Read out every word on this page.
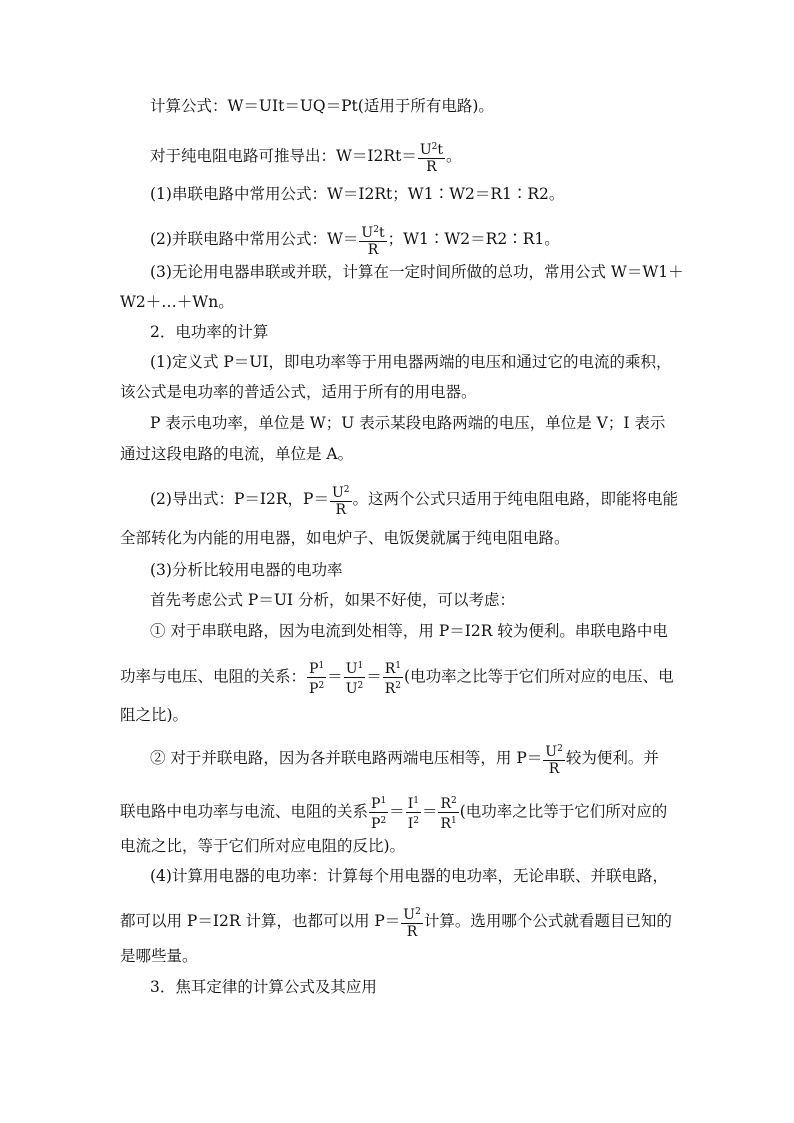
计算公式：W＝UIt＝UQ＝Pt(适用于所有电路)。
对于纯电阻电路可推导出：$W=I2Rt= \frac{U^2t}{R}$ 。
(1)串联电路中常用公式：W＝I2Rt；W1∶W2＝R1∶R2。
(2)并联电路中常用公式：$W= \frac{U^2t}{R}$ ；W1∶W2＝R2∶R1。
(3)无论用电器串联或并联，计算在一定时间所做的总功，常用公式 W＝W1＋
W2＋…＋Wn。
2．电功率的计算
(1)定义式 P＝UI，即电功率等于用电器两端的电压和通过它的电流的乘积，
该公式是电功率的普适公式，适用于所有的用电器。
P 表示电功率，单位是 W；U 表示某段电路两端的电压，单位是 V；I 表示
通过这段电路的电流，单位是 A。
(2)导出式：P＝I2R，$P= \frac{U^2}{R}$ 。这两个公式只适用于纯电阻电路，即能将电能
全部转化为内能的用电器，如电炉子、电饭煲就属于纯电阻电路。
(3)分析比较用电器的电功率
首先考虑公式 P＝UI 分析，如果不好使，可以考虑：
① 对于串联电路，因为电流到处相等，用 P＝I2R 较为便利。串联电路中电
功率与电压、电阻的关系： $\frac{P^1}{P^2} = \frac{U^1}{U^2} = \frac{R^1}{R^2}$ (电功率之比等于它们所对应的电压、电
阻之比)。
② 对于并联电路，因为各并联电路两端电压相等，用 $P= \frac{U^2}{R}$ 较为便利。并
联电路中电功率与电流、电阻的关系 $\frac{P^1}{P^2} = \frac{I^1}{I^2} = \frac{R^2}{R^1}$ (电功率之比等于它们所对应的
电流之比，等于它们所对应电阻的反比)。
(4)计算用电器的电功率：计算每个用电器的电功率，无论串联、并联电路，
都可以用 P＝I2R 计算，也都可以用 $P= \frac{U^2}{R}$ 计算。选用哪个公式就看题目已知的
是哪些量。
3．焦耳定律的计算公式及其应用
